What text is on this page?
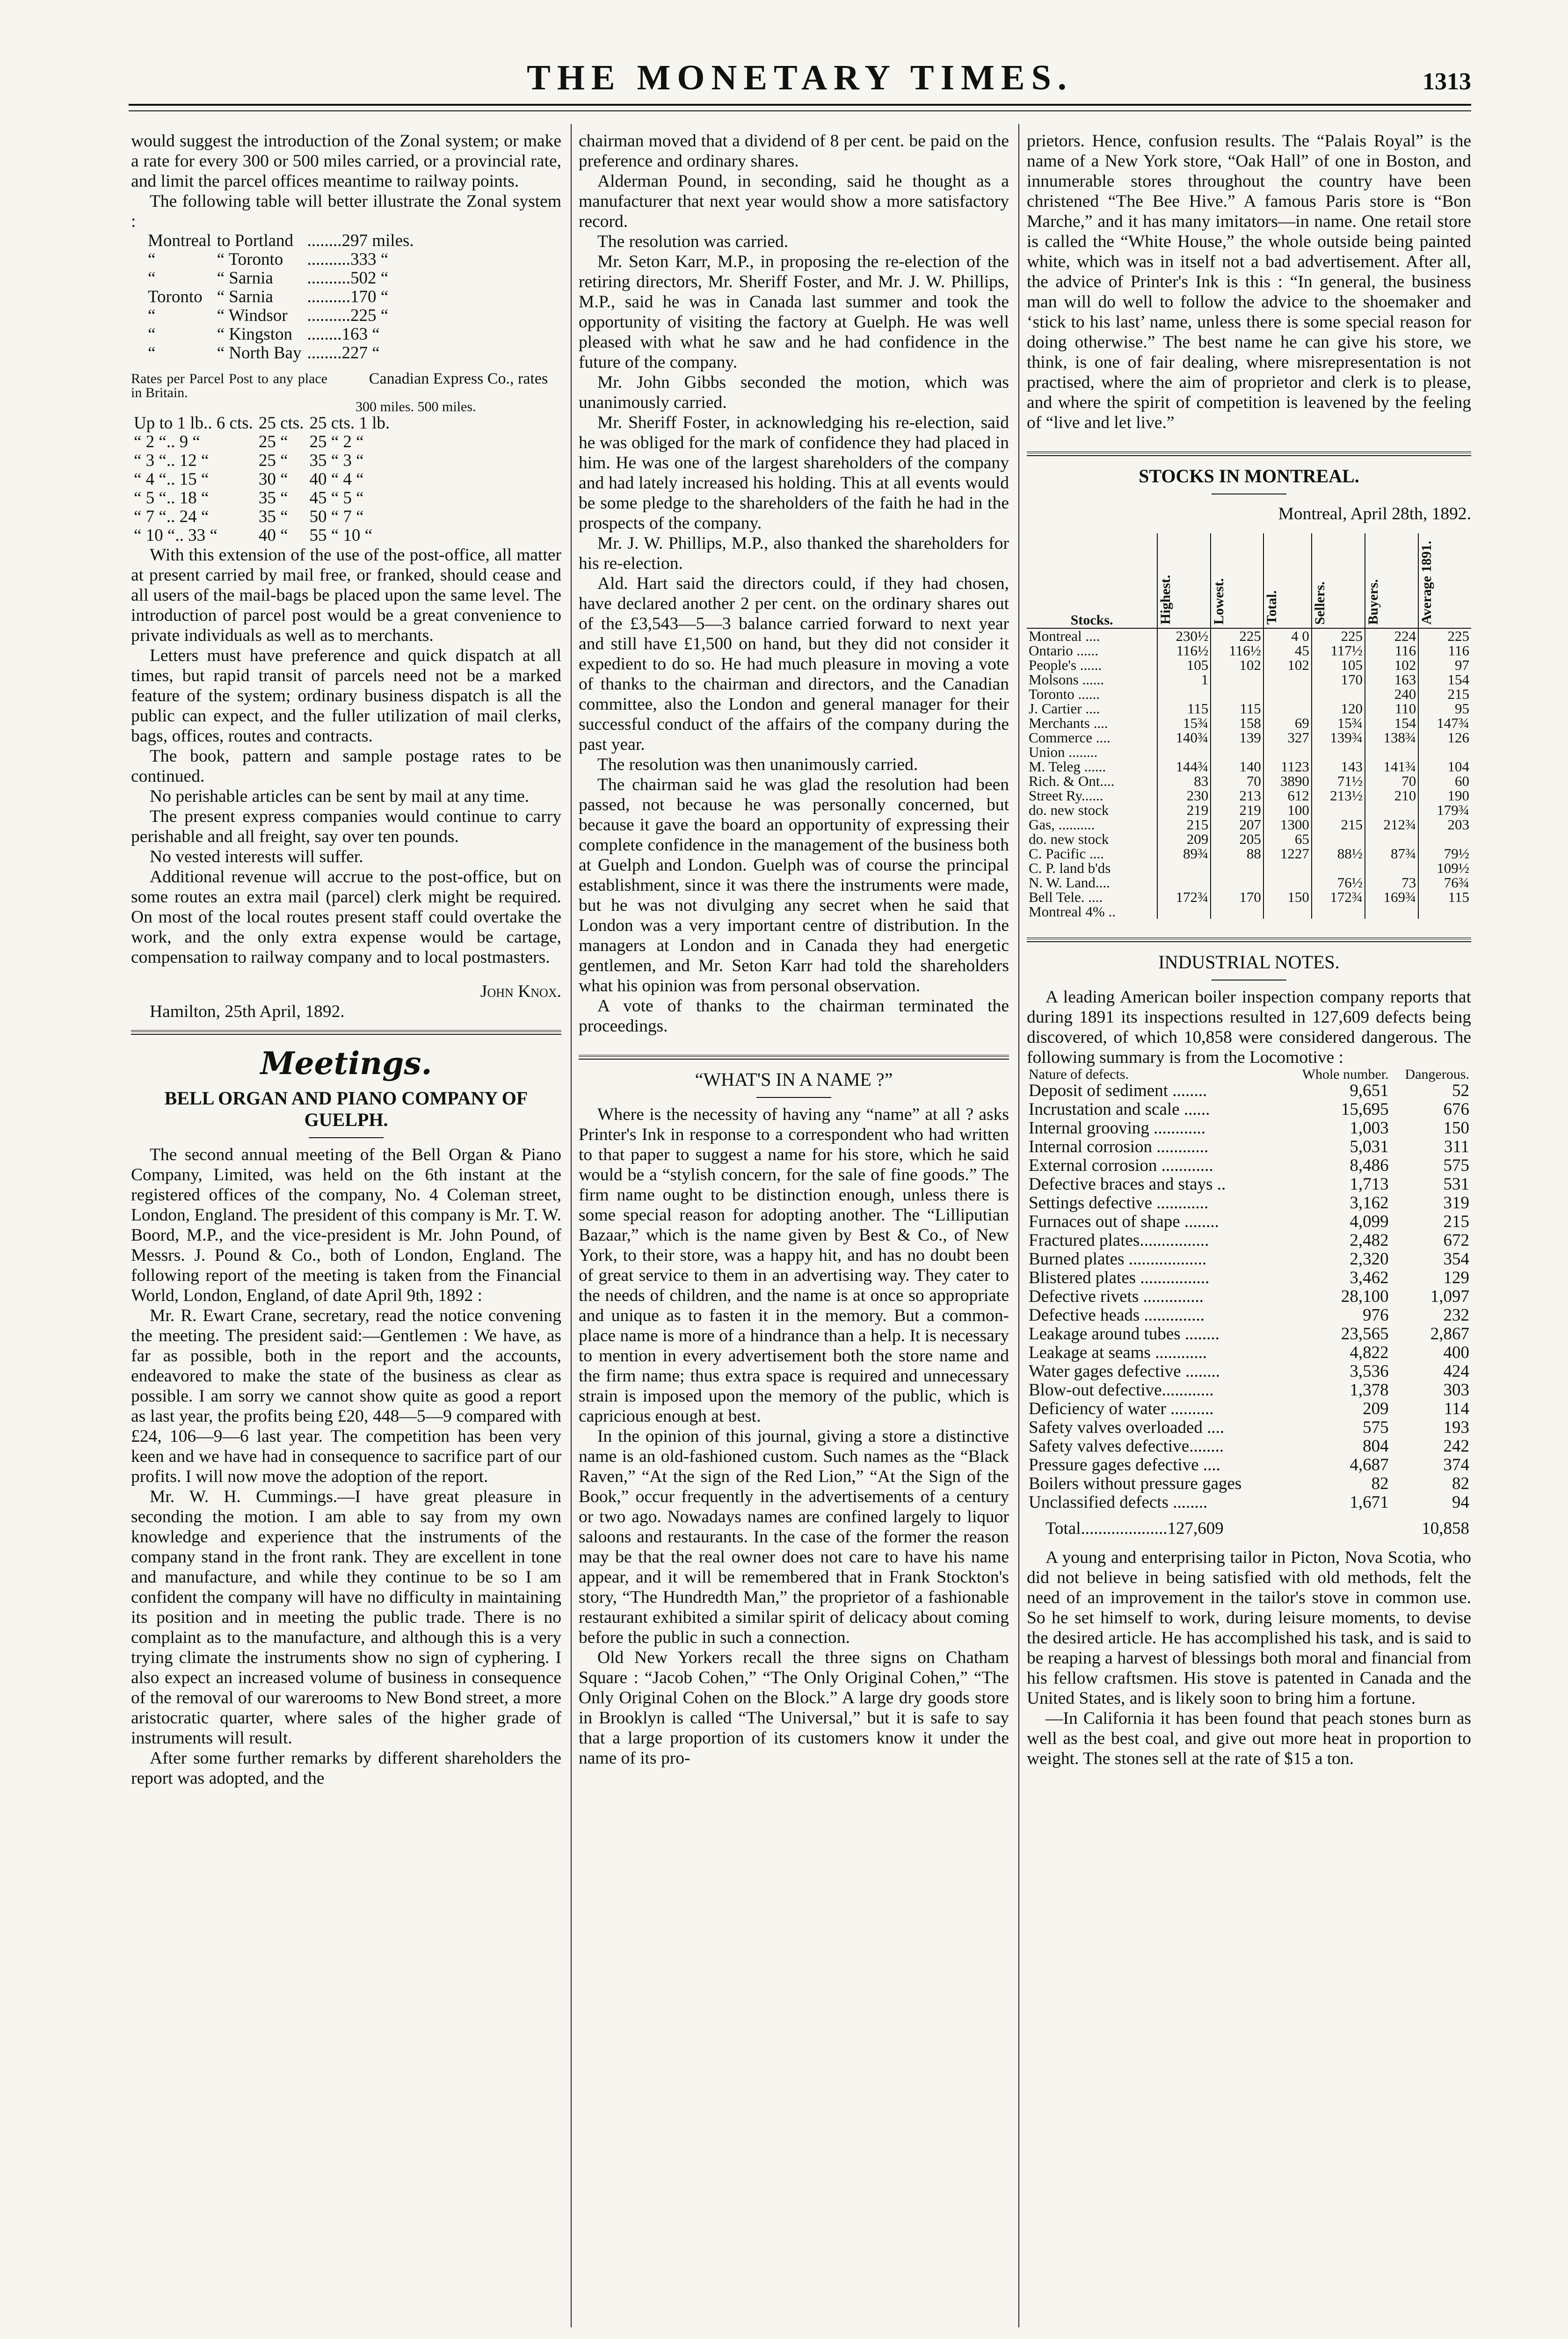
THE MONETARY TIMES.	1313

would suggest the introduction of the Zonal system; or make a rate for every 300 or 500 miles carried, or a provincial rate, and limit the parcel offices meantime to railway points.

The following table will better illustrate the Zonal system :

Montreal	to Portland	........297 miles.
“	“ Toronto	..........333 “
“	“ Sarnia	..........502 “
Toronto	“ Sarnia	..........170 “
“	“ Windsor	..........225 “
“	“ Kingston	........163 “
“	“ North Bay	........227 “
Rates per Parcel Post to any place in Britain.
Canadian Express Co., rates
300 miles. 500 miles.
Up to 1 lb.. 6 cts.	25 cts.	25 cts. 1 lb.
“ 2 “.. 9 “	25 “	25 “ 2 “
“ 3 “.. 12 “	25 “	35 “ 3 “
“ 4 “.. 15 “	30 “	40 “ 4 “
“ 5 “.. 18 “	35 “	45 “ 5 “
“ 7 “.. 24 “	35 “	50 “ 7 “
“ 10 “.. 33 “	40 “	55 “ 10 “

With this extension of the use of the post-office, all matter at present carried by mail free, or franked, should cease and all users of the mail-bags be placed upon the same level. The introduction of parcel post would be a great convenience to private individuals as well as to merchants.

Letters must have preference and quick dispatch at all times, but rapid transit of parcels need not be a marked feature of the system; ordinary business dispatch is all the public can expect, and the fuller utilization of mail clerks, bags, offices, routes and contracts.

The book, pattern and sample postage rates to be continued.

No perishable articles can be sent by mail at any time.

The present express companies would continue to carry perishable and all freight, say over ten pounds.

No vested interests will suffer.

Additional revenue will accrue to the post-office, but on some routes an extra mail (parcel) clerk might be required. On most of the local routes present staff could overtake the work, and the only extra expense would be cartage, compensation to railway company and to local postmasters.

John Knox.

Hamilton, 25th April, 1892.

Meetings.
BELL ORGAN AND PIANO COMPANY OF GUELPH.

The second annual meeting of the Bell Organ & Piano Company, Limited, was held on the 6th instant at the registered offices of the company, No. 4 Coleman street, London, England. The president of this company is Mr. T. W. Boord, M.P., and the vice-president is Mr. John Pound, of Messrs. J. Pound & Co., both of London, England. The following report of the meeting is taken from the Financial World, London, England, of date April 9th, 1892 :

Mr. R. Ewart Crane, secretary, read the notice convening the meeting. The president said:—Gentlemen : We have, as far as possible, both in the report and the accounts, endeavored to make the state of the business as clear as possible. I am sorry we cannot show quite as good a report as last year, the profits being £20, 448—5—9 compared with £24, 106—9—6 last year. The competition has been very keen and we have had in consequence to sacrifice part of our profits. I will now move the adoption of the report.

Mr. W. H. Cummings.—I have great pleasure in seconding the motion. I am able to say from my own knowledge and experience that the instruments of the company stand in the front rank. They are excellent in tone and manufacture, and while they continue to be so I am confident the company will have no difficulty in maintaining its position and in meeting the public trade. There is no complaint as to the manufacture, and although this is a very trying climate the instruments show no sign of cyphering. I also expect an increased volume of business in consequence of the removal of our warerooms to New Bond street, a more aristocratic quarter, where sales of the higher grade of instruments will result.

After some further remarks by different shareholders the report was adopted, and the

chairman moved that a dividend of 8 per cent. be paid on the preference and ordinary shares.

Alderman Pound, in seconding, said he thought as a manufacturer that next year would show a more satisfactory record.

The resolution was carried.

Mr. Seton Karr, M.P., in proposing the re-election of the retiring directors, Mr. Sheriff Foster, and Mr. J. W. Phillips, M.P., said he was in Canada last summer and took the opportunity of visiting the factory at Guelph. He was well pleased with what he saw and he had confidence in the future of the company.

Mr. John Gibbs seconded the motion, which was unanimously carried.

Mr. Sheriff Foster, in acknowledging his re-election, said he was obliged for the mark of confidence they had placed in him. He was one of the largest shareholders of the company and had lately increased his holding. This at all events would be some pledge to the shareholders of the faith he had in the prospects of the company.

Mr. J. W. Phillips, M.P., also thanked the shareholders for his re-election.

Ald. Hart said the directors could, if they had chosen, have declared another 2 per cent. on the ordinary shares out of the £3,543—5—3 balance carried forward to next year and still have £1,500 on hand, but they did not consider it expedient to do so. He had much pleasure in moving a vote of thanks to the chairman and directors, and the Canadian committee, also the London and general manager for their successful conduct of the affairs of the company during the past year.

The resolution was then unanimously carried.

The chairman said he was glad the resolution had been passed, not because he was personally concerned, but because it gave the board an opportunity of expressing their complete confidence in the management of the business both at Guelph and London. Guelph was of course the principal establishment, since it was there the instruments were made, but he was not divulging any secret when he said that London was a very important centre of distribution. In the managers at London and in Canada they had energetic gentlemen, and Mr. Seton Karr had told the shareholders what his opinion was from personal observation.

A vote of thanks to the chairman terminated the proceedings.

“WHAT'S IN A NAME ?”

Where is the necessity of having any “name” at all ? asks Printer's Ink in response to a correspondent who had written to that paper to suggest a name for his store, which he said would be a “stylish concern, for the sale of fine goods.” The firm name ought to be distinction enough, unless there is some special reason for adopting another. The “Lilliputian Bazaar,” which is the name given by Best & Co., of New York, to their store, was a happy hit, and has no doubt been of great service to them in an advertising way. They cater to the needs of children, and the name is at once so appropriate and unique as to fasten it in the memory. But a common-place name is more of a hindrance than a help. It is necessary to mention in every advertisement both the store name and the firm name; thus extra space is required and unnecessary strain is imposed upon the memory of the public, which is capricious enough at best.

In the opinion of this journal, giving a store a distinctive name is an old-fashioned custom. Such names as the “Black Raven,” “At the sign of the Red Lion,” “At the Sign of the Book,” occur frequently in the advertisements of a century or two ago. Nowadays names are confined largely to liquor saloons and restaurants. In the case of the former the reason may be that the real owner does not care to have his name appear, and it will be remembered that in Frank Stockton's story, “The Hundredth Man,” the proprietor of a fashionable restaurant exhibited a similar spirit of delicacy about coming before the public in such a connection.

Old New Yorkers recall the three signs on Chatham Square : “Jacob Cohen,” “The Only Original Cohen,” “The Only Original Cohen on the Block.” A large dry goods store in Brooklyn is called “The Universal,” but it is safe to say that a large proportion of its customers know it under the name of its pro-

prietors. Hence, confusion results. The “Palais Royal” is the name of a New York store, “Oak Hall” of one in Boston, and innumerable stores throughout the country have been christened “The Bee Hive.” A famous Paris store is “Bon Marche,” and it has many imitators—in name. One retail store is called the “White House,” the whole outside being painted white, which was in itself not a bad advertisement. After all, the advice of Printer's Ink is this : “In general, the business man will do well to follow the advice to the shoemaker and ‘stick to his last’ name, unless there is some special reason for doing otherwise.” The best name he can give his store, we think, is one of fair dealing, where misrepresentation is not practised, where the aim of proprietor and clerk is to please, and where the spirit of competition is leavened by the feeling of “live and let live.”

STOCKS IN MONTREAL.
Montreal, April 28th, 1892.
Stocks.	Highest.	Lowest.	Total.	Sellers.	Buyers.	Average 1891.
Montreal ....	230½	225	4 0	225	224	225
Ontario ......	116½	116½	45	117½	116	116
People's ......	105	102	102	105	102	97
Molsons ......	1			170	163	154
Toronto ......					240	215
J. Cartier ....	115	115		120	110	95
Merchants ....	15¾	158	69	15¾	154	147¾
Commerce ....	140¾	139	327	139¾	138¾	126
Union ........						
M. Teleg ......	144¾	140	1123	143	141¾	104
Rich. & Ont....	83	70	3890	71½	70	60
Street Ry......	230	213	612	213½	210	190
do. new stock	219	219	100			179¾
Gas, ..........	215	207	1300	215	212¾	203
do. new stock	209	205	65			
C. Pacific ....	89¾	88	1227	88½	87¾	79½
C. P. land b'ds						109½
N. W. Land....				76½	73	76¾
Bell Tele. ....	172¾	170	150	172¾	169¾	115
Montreal 4% ..						
INDUSTRIAL NOTES.

A leading American boiler inspection company reports that during 1891 its inspections resulted in 127,609 defects being discovered, of which 10,858 were considered dangerous. The following summary is from the Locomotive :

Nature of defects.	Whole number.	Dangerous.
Deposit of sediment ........	9,651	52
Incrustation and scale ......	15,695	676
Internal grooving ............	1,003	150
Internal corrosion ............	5,031	311
External corrosion ............	8,486	575
Defective braces and stays ..	1,713	531
Settings defective ............	3,162	319
Furnaces out of shape ........	4,099	215
Fractured plates................	2,482	672
Burned plates ..................	2,320	354
Blistered plates ................	3,462	129
Defective rivets ..............	28,100	1,097
Defective heads ..............	976	232
Leakage around tubes ........	23,565	2,867
Leakage at seams ............	4,822	400
Water gages defective ........	3,536	424
Blow-out defective............	1,378	303
Deficiency of water ..........	209	114
Safety valves overloaded ....	575	193
Safety valves defective........	804	242
Pressure gages defective ....	4,687	374
Boilers without pressure gages	82	82
Unclassified defects ........	1,671	94

Total....................127,609		10,858

A young and enterprising tailor in Picton, Nova Scotia, who did not believe in being satisfied with old methods, felt the need of an improvement in the tailor's stove in common use. So he set himself to work, during leisure moments, to devise the desired article. He has accomplished his task, and is said to be reaping a harvest of blessings both moral and financial from his fellow craftsmen. His stove is patented in Canada and the United States, and is likely soon to bring him a fortune.

—In California it has been found that peach stones burn as well as the best coal, and give out more heat in proportion to weight. The stones sell at the rate of $15 a ton.
